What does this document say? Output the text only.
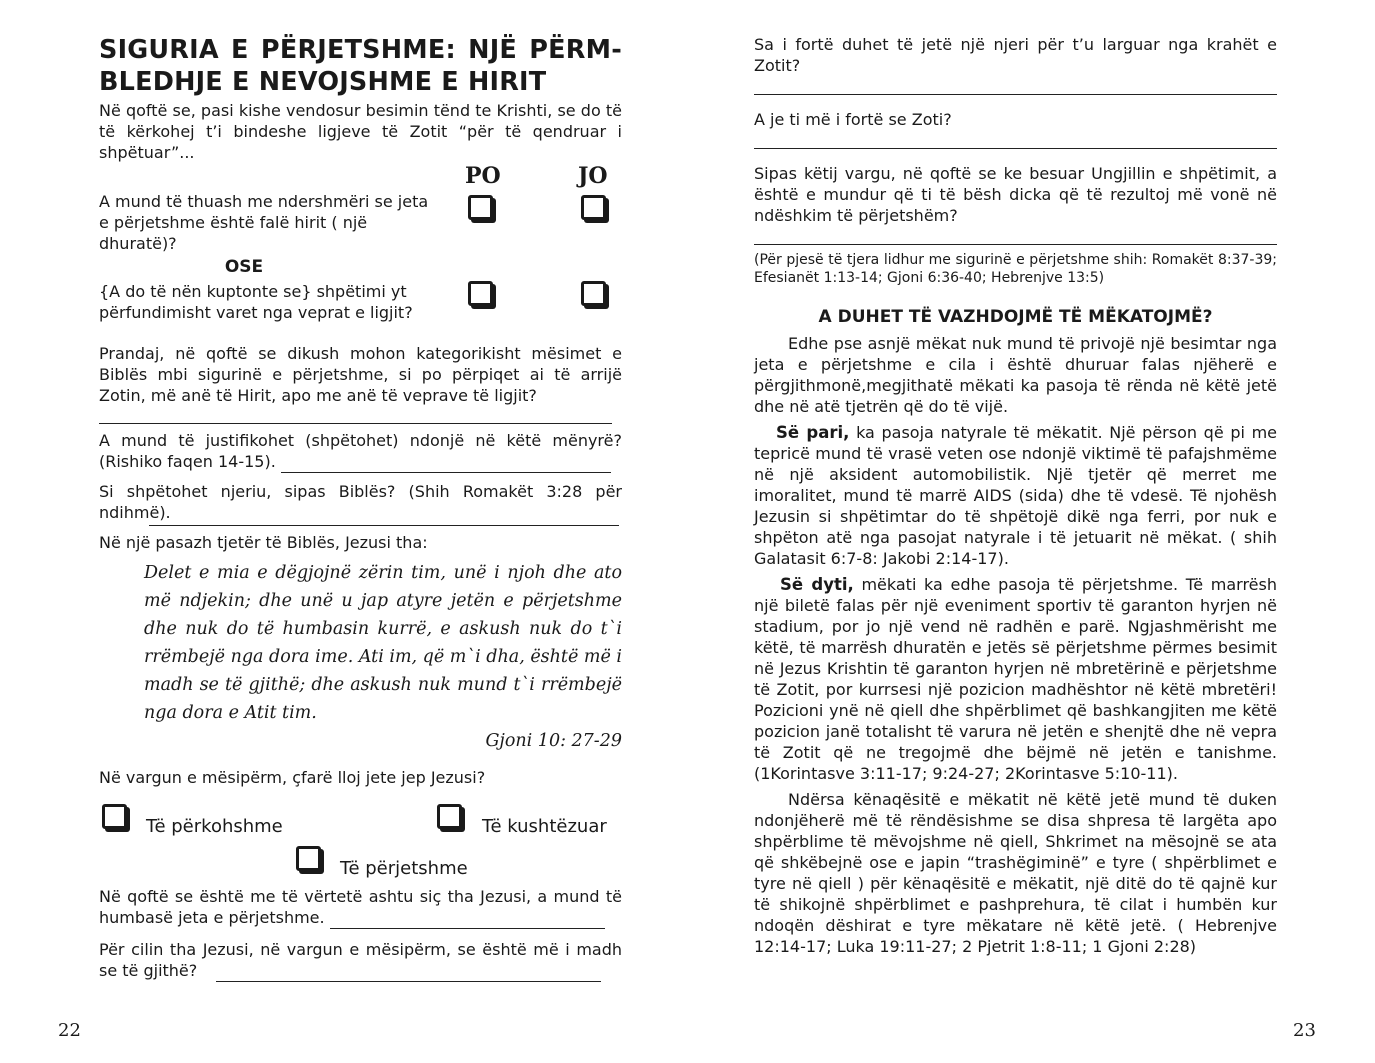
SIGURIA E PËRJETSHME: NJË PËRM-BLEDHJE E NEVOJSHME E HIRIT

Në qoftë se, pasi kishe vendosur besimin tënd te Krishti, se do të të kërkohej t’i bindeshe ligjeve të Zotit “për të qendruar i shpëtuar”...

PO	JO

A mund të thuash me ndershmëri se jeta e përjetshme është falë hirit ( një dhuratë)?

OSE

{A do të nën kuptonte se} shpëtimi yt përfundimisht varet nga veprat e ligjit?

Prandaj, në qoftë se dikush mohon kategorikisht mësimet e Biblës mbi sigurinë e përjetshme, si po përpiqet ai të arrijë Zotin, më anë të Hirit, apo me anë të veprave të ligjit?

A mund të justifikohet (shpëtohet) ndonjë në këtë mënyrë? (Rishiko faqen 14-15).

Si shpëtohet njeriu, sipas Biblës? (Shih Romakët 3:28 për ndihmë).

Në një pasazh tjetër të Biblës, Jezusi tha:

Delet e mia e dëgjojnë zërin tim, unë i njoh dhe ato më ndjekin; dhe unë u jap atyre jetën e përjetshme dhe nuk do të humbasin kurrë, e askush nuk do t`i rrëmbejë nga dora ime. Ati im, që m`i dha, është më i madh se të gjithë; dhe askush nuk mund t`i rrëmbejë nga dora e Atit tim.

Gjoni 10: 27-29

Në vargun e mësipërm, çfarë lloj jete jep Jezusi?

Të përkohshme	Të kushtëzuar
Të përjetshme

Në qoftë se është me të vërtetë ashtu siç tha Jezusi, a mund të humbasë jeta e përjetshme.

Për cilin tha Jezusi, në vargun e mësipërm, se është më i madh se të gjithë?

22

Sa i fortë duhet të jetë një njeri për t’u larguar nga krahët e Zotit?

A je ti më i fortë se Zoti?

Sipas këtij vargu, në qoftë se ke besuar Ungjillin e shpëtimit, a është e mundur që ti të bësh dicka që të rezultoj më vonë në ndëshkim të përjetshëm?

(Për pjesë të tjera lidhur me sigurinë e përjetshme shih: Romakët 8:37-39; Efesianët 1:13-14; Gjoni 6:36-40; Hebrenjve 13:5)

A DUHET TË VAZHDOJMË TË MËKATOJMË?

Edhe pse asnjë mëkat nuk mund të privojë një besimtar nga jeta e përjetshme e cila i është dhuruar falas njëherë e përgjithmonë,megjithatë mëkati ka pasoja të rënda në këtë jetë dhe në atë tjetrën që do të vijë.

Së pari, ka pasoja natyrale të mëkatit. Një përson që pi me tepricë mund të vrasë veten ose ndonjë viktimë të pafajshmëme në një aksident automobilistik. Një tjetër që merret me imoralitet, mund të marrë AIDS (sida) dhe të vdesë. Të njohësh Jezusin si shpëtimtar do të shpëtojë dikë nga ferri, por nuk e shpëton atë nga pasojat natyrale i të jetuarit në mëkat. ( shih Galatasit 6:7-8: Jakobi 2:14-17).

Së dyti, mëkati ka edhe pasoja të përjetshme. Të marrësh një biletë falas për një eveniment sportiv të garanton hyrjen në stadium, por jo një vend në radhën e parë. Ngjashmërisht me këtë, të marrësh dhuratën e jetës së përjetshme përmes besimit në Jezus Krishtin të garanton hyrjen në mbretërinë e përjetshme të Zotit, por kurrsesi një pozicion madhështor në këtë mbretëri! Pozicioni ynë në qiell dhe shpërblimet që bashkangjiten me këtë pozicion janë totalisht të varura në jetën e shenjtë dhe në vepra të Zotit që ne tregojmë dhe bëjmë në jetën e tanishme. (1Korintasve 3:11-17; 9:24-27; 2Korintasve 5:10-11).

Ndërsa kënaqësitë e mëkatit në këtë jetë mund të duken ndonjëherë më të rëndësishme se disa shpresa të largëta apo shpërblime të mëvojshme në qiell, Shkrimet na mësojnë se ata që shkëbejnë ose e japin “trashëgiminë” e tyre ( shpërblimet e tyre në qiell ) për kënaqësitë e mëkatit, një ditë do të qajnë kur të shikojnë shpërblimet e pashprehura, të cilat i humbën kur ndoqën dëshirat e tyre mëkatare në këtë jetë. ( Hebrenjve 12:14-17; Luka 19:11-27; 2 Pjetrit 1:8-11; 1 Gjoni 2:28)

23
